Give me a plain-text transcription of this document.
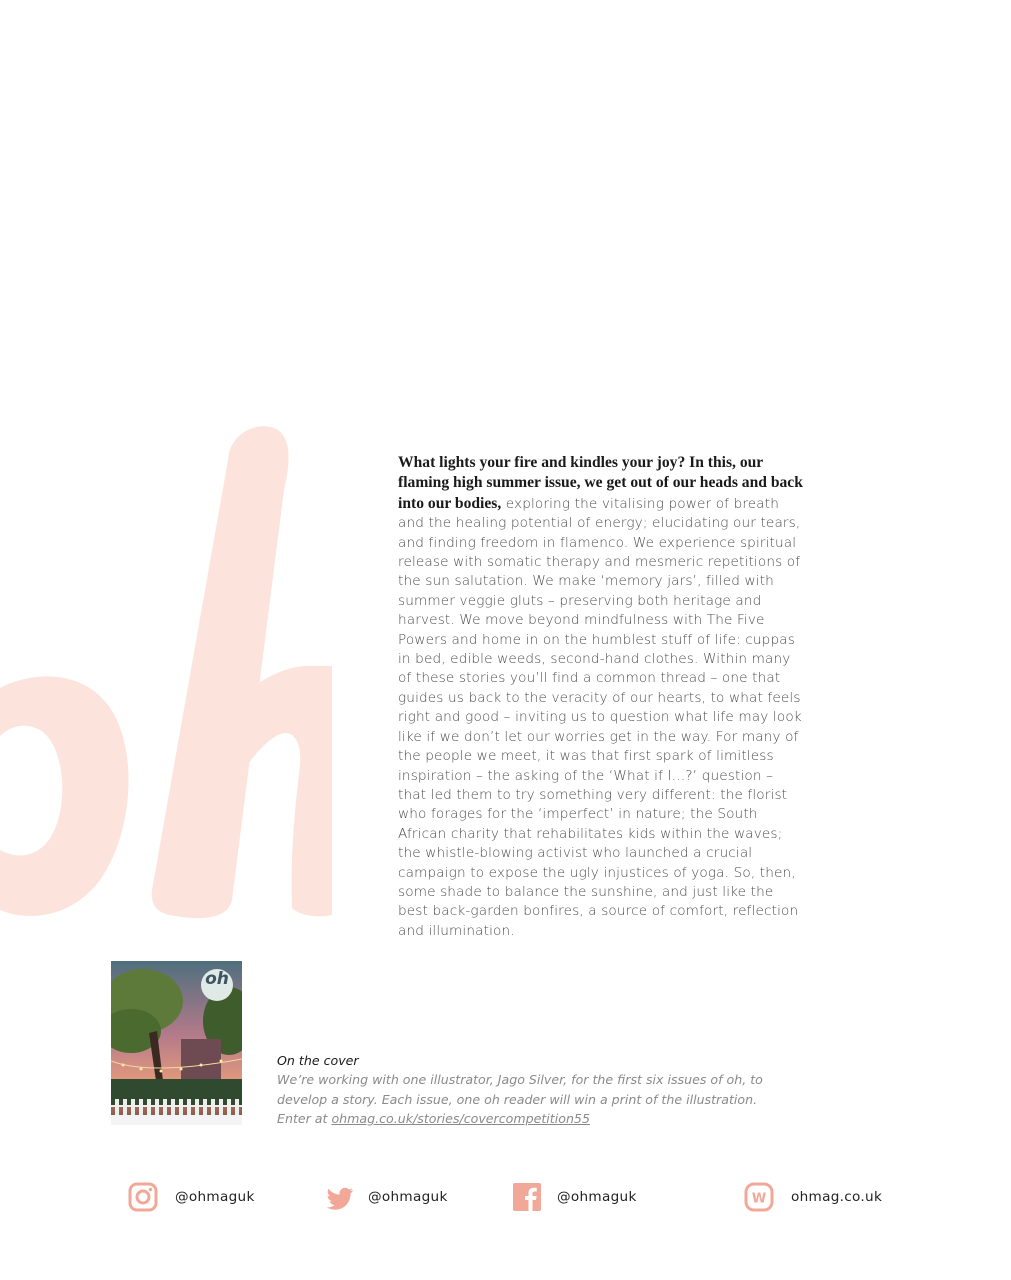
What lights your fire and kindles your joy? In this, our flaming high summer issue, we get out of our heads and back into our bodies, exploring the vitalising power of breath and the healing potential of energy; elucidating our tears, and finding freedom in flamenco. We experience spiritual release with somatic therapy and mesmeric repetitions of the sun salutation. We make ‘memory jars’, filled with summer veggie gluts – preserving both heritage and harvest. We move beyond mindfulness with The Five Powers and home in on the humblest stuff of life: cuppas in bed, edible weeds, second-hand clothes. Within many of these stories you’ll find a common thread – one that guides us back to the veracity of our hearts, to what feels right and good – inviting us to question what life may look like if we don’t let our worries get in the way. For many of the people we meet, it was that first spark of limitless inspiration – the asking of the ‘What if I…?’ question – that led them to try something very different: the florist who forages for the ‘imperfect’ in nature; the South African charity that rehabilitates kids within the waves; the whistle-blowing activist who launched a crucial campaign to expose the ugly injustices of yoga. So, then, some shade to balance the sunshine, and just like the best back-garden bonfires, a source of comfort, reflection and illumination.
oh
On the cover
We’re working with one illustrator, Jago Silver, for the first six issues of oh, to develop a story. Each issue, one oh reader will win a print of the illustration. Enter at ohmag.co.uk/stories/covercompetition55
@ohmaguk	@ohmaguk	@ohmaguk	W ohmag.co.uk
